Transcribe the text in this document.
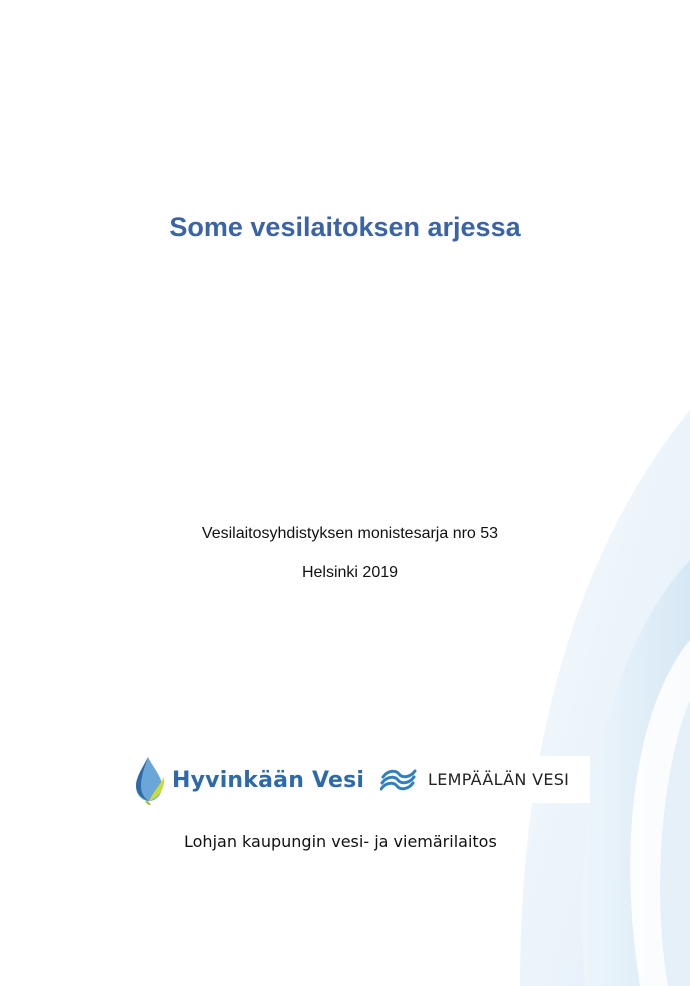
Some vesilaitoksen arjessa
Vesilaitosyhdistyksen monistesarja nro 53
Helsinki 2019
Hyvinkään Vesi	LEMPÄÄLÄN VESI
Lohjan kaupungin vesi- ja viemärilaitos
